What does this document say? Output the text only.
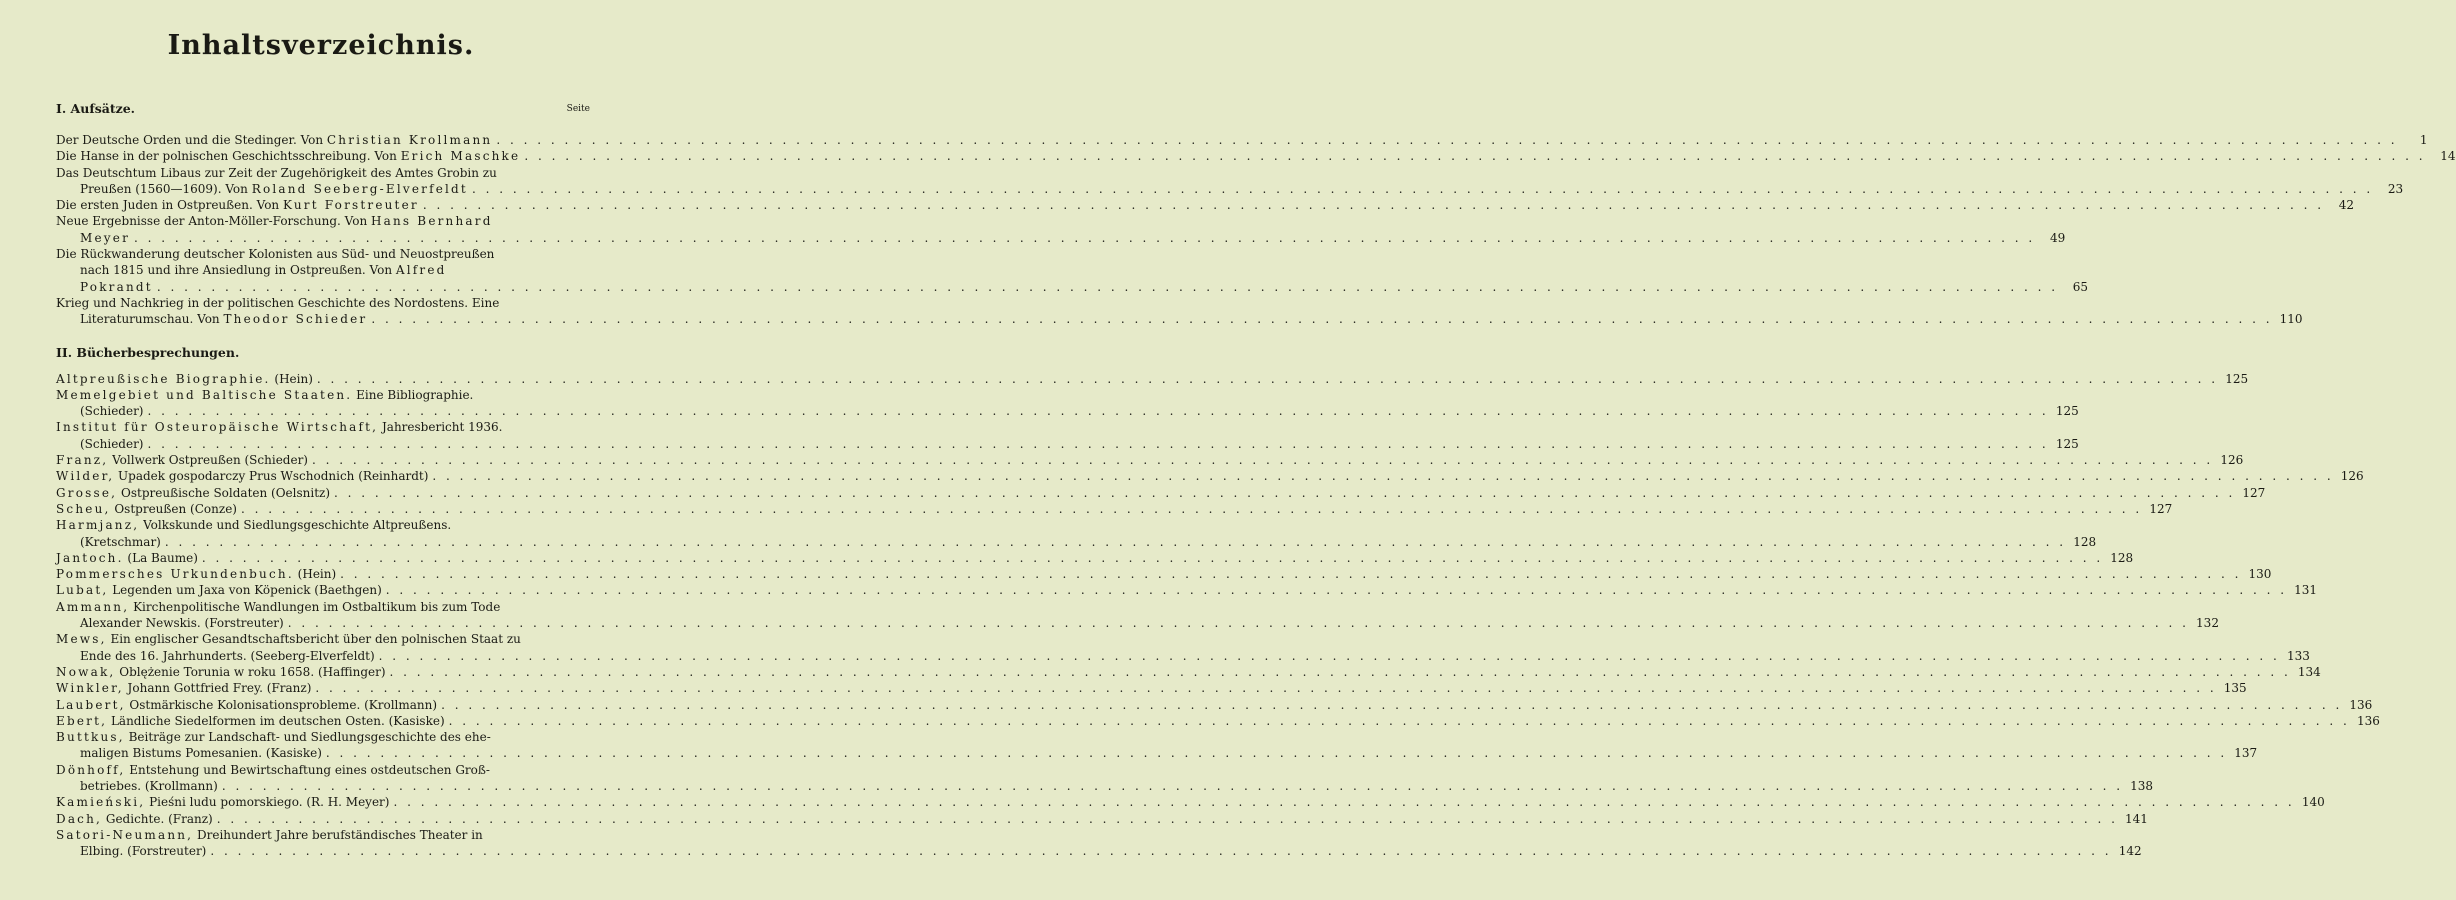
Inhaltsverzeichnis.
I. Aufsätze.	Seite
Der Deutsche Orden und die Stedinger. Von Christian Krollmann . . .	1
Die Hanse in der polnischen Geschichtsschreibung. Von Erich Maschke . . .	14
Das Deutschtum Libaus zur Zeit der Zugehörigkeit des Amtes Grobin zu
Preußen (1560—1609). Von Roland Seeberg-Elverfeldt . . .	23
Die ersten Juden in Ostpreußen. Von Kurt Forstreuter . . .	42
Neue Ergebnisse der Anton-Möller-Forschung. Von Hans Bernhard
Meyer . . .	49
Die Rückwanderung deutscher Kolonisten aus Süd- und Neuostpreußen
nach 1815 und ihre Ansiedlung in Ostpreußen. Von Alfred
Pokrandt . . .	65
Krieg und Nachkrieg in der politischen Geschichte des Nordostens. Eine
Literaturumschau. Von Theodor Schieder . . .	110
II. Bücherbesprechungen.
Altpreußische Biographie. (Hein) . . .	125
Memelgebiet und Baltische Staaten. Eine Bibliographie.
(Schieder) . . .	125
Institut für Osteuropäische Wirtschaft, Jahresbericht 1936.
(Schieder) . . .	125
Franz, Vollwerk Ostpreußen (Schieder) . . .	126
Wilder, Upadek gospodarczy Prus Wschodnich (Reinhardt) . . .	126
Grosse, Ostpreußische Soldaten (Oelsnitz) . . .	127
Scheu, Ostpreußen (Conze) . . .	127
Harmjanz, Volkskunde und Siedlungsgeschichte Altpreußens.
(Kretschmar) . . .	128
Jantoch. (La Baume) . . .	128
Pommersches Urkundenbuch. (Hein) . . .	130
Lubat, Legenden um Jaxa von Köpenick (Baethgen) . . .	131
Ammann, Kirchenpolitische Wandlungen im Ostbaltikum bis zum Tode
Alexander Newskis. (Forstreuter) . . .	132
Mews, Ein englischer Gesandtschaftsbericht über den polnischen Staat zu
Ende des 16. Jahrhunderts. (Seeberg-Elverfeldt) . . .	133
Nowak, Oblężenie Torunia w roku 1658. (Haffinger) . . .	134
Winkler, Johann Gottfried Frey. (Franz) . . .	135
Laubert, Ostmärkische Kolonisationsprobleme. (Krollmann) . . .	136
Ebert, Ländliche Siedelformen im deutschen Osten. (Kasiske) . . .	136
Buttkus, Beiträge zur Landschaft- und Siedlungsgeschichte des ehe-
maligen Bistums Pomesanien. (Kasiske) . . .	137
Dönhoff, Entstehung und Bewirtschaftung eines ostdeutschen Groß-
betriebes. (Krollmann) . . .	138
Kamieński, Pieśni ludu pomorskiego. (R. H. Meyer) . . .	140
Dach, Gedichte. (Franz) . . .	141
Satori-Neumann, Dreihundert Jahre berufständisches Theater in
Elbing. (Forstreuter) . . .	142
